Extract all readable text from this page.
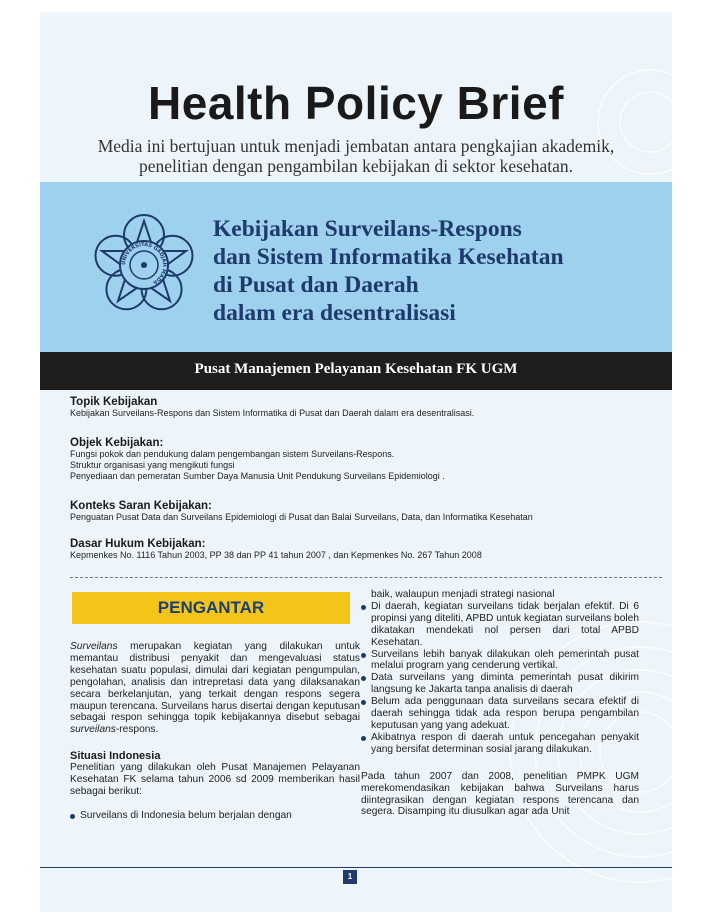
Health Policy Brief
Media ini bertujuan untuk menjadi jembatan antara pengkajian akademik,
penelitian dengan pengambilan kebijakan di sektor kesehatan.
UNIVERSITAS GADJAH MADA
Kebijakan Surveilans-Respons
dan Sistem Informatika Kesehatan
di Pusat dan Daerah
dalam era desentralisasi
Pusat Manajemen Pelayanan Kesehatan FK UGM
Topik Kebijakan

Kebijakan Surveilans-Respons dan Sistem Informatika di Pusat dan Daerah dalam era desentralisasi.

Objek Kebijakan:

Fungsi pokok dan pendukung dalam pengembangan sistem Surveilans-Respons.

Struktur organisasi yang mengikuti fungsi

Penyediaan dan pemeratan Sumber Daya Manusia Unit Pendukung Surveilans Epidemiologi .

Konteks Saran Kebijakan:

Penguatan Pusat Data dan Surveilans Epidemiologi di Pusat dan Balai Surveilans, Data, dan Informatika Kesehatan

Dasar Hukum Kebijakan:

Kepmenkes No. 1116 Tahun 2003, PP 38 dan PP 41 tahun 2007 , dan Kepmenkes No. 267 Tahun 2008

PENGANTAR

Surveilans merupakan kegiatan yang dilakukan untuk memantau distribusi penyakit dan mengevaluasi status kesehatan suatu populasi, dimulai dari kegiatan pengumpulan, pengolahan, analisis dan intrepretasi data yang dilaksanakan secara berkelanjutan, yang terkait dengan respons segera maupun terencana. Surveilans harus disertai dengan keputusan sebagai respon sehingga topik kebijakannya disebut sebagai surveilans-respons.

Situasi Indonesia

Penelitian yang dilakukan oleh Pusat Manajemen Pelayanan Kesehatan FK selama tahun 2006 sd 2009 memberikan hasil sebagai berikut:

Surveilans di Indonesia belum berjalan dengan

baik, walaupun menjadi strategi nasional

Di daerah, kegiatan surveilans tidak berjalan efektif. Di 6 propinsi yang diteliti, APBD untuk kegiatan surveilans boleh dikatakan mendekati nol persen dari total APBD Kesehatan.
Surveilans lebih banyak dilakukan oleh pemerintah pusat melalui program yang cenderung vertikal.
Data surveilans yang diminta pemerintah pusat dikirim langsung ke Jakarta tanpa analisis di daerah
Belum ada penggunaan data surveilans secara efektif di daerah sehingga tidak ada respon berupa pengambilan keputusan yang yang adekuat.
Akibatnya respon di daerah untuk pencegahan penyakit yang bersifat determinan sosial jarang dilakukan.

Pada tahun 2007 dan 2008, penelitian PMPK UGM merekomendasikan kebijakan bahwa Surveilans harus diintegrasikan dengan kegiatan respons terencana dan segera. Disamping itu diusulkan agar ada Unit

1
